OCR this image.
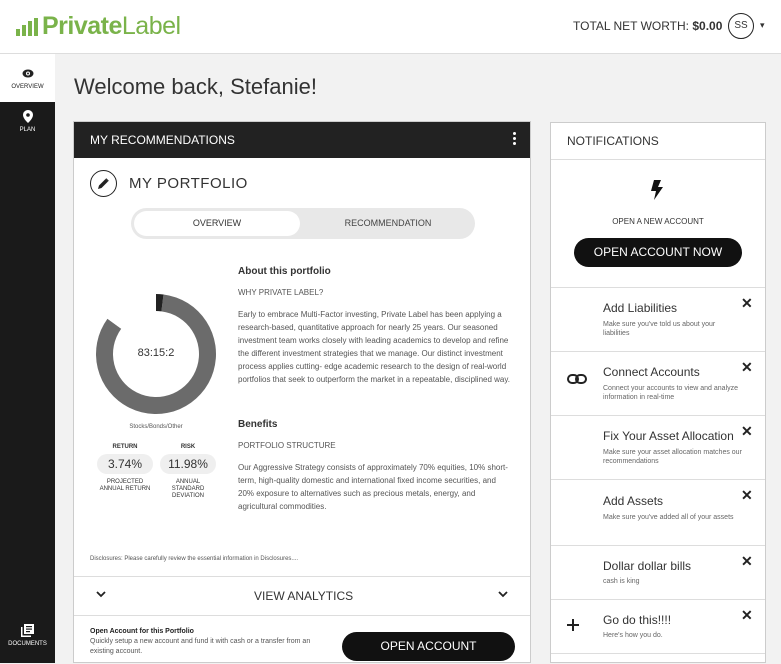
PrivateLabel	TOTAL NET WORTH: $0.00	SS	▾
OVERVIEW
PLAN
DOCUMENTS
Welcome back, Stefanie!
MY RECOMMENDATIONS
MY PORTFOLIO
OVERVIEW	RECOMMENDATION
83:15:2
Stocks/Bonds/Other
RETURN
3.74%
PROJECTED ANNUAL RETURN
RISK
11.98%
ANNUAL STANDARD DEVIATION
About this portfolio
WHY PRIVATE LABEL?
Early to embrace Multi-Factor investing, Private Label has been applying a research-based, quantitative approach for nearly 25 years. Our seasoned investment team works closely with leading academics to develop and refine the different investment strategies that we manage. Our distinct investment process applies cutting- edge academic research to the design of real-world portfolios that seek to outperform the market in a repeatable, disciplined way.
Benefits
PORTFOLIO STRUCTURE
Our Aggressive Strategy consists of approximately 70% equities, 10% short-term, high-quality domestic and international fixed income securities, and 20% exposure to alternatives such as precious metals, energy, and agricultural commodities.
Disclosures: Please carefully review the essential information in Disclosures....
VIEW ANALYTICS
Open Account for this Portfolio
Quickly setup a new account and fund it with cash or a transfer from an existing account.	OPEN ACCOUNT
NOTIFICATIONS
OPEN A NEW ACCOUNT
OPEN ACCOUNT NOW
Add Liabilities
Make sure you've told us about your liabilities
✕
Connect Accounts
Connect your accounts to view and analyze information in real-time
✕
Fix Your Asset Allocation
Make sure your asset allocation matches our recommendations
✕
Add Assets
Make sure you've added all of your assets
✕
Dollar dollar bills
cash is king
✕
Go do this!!!!
Here's how you do.
✕
